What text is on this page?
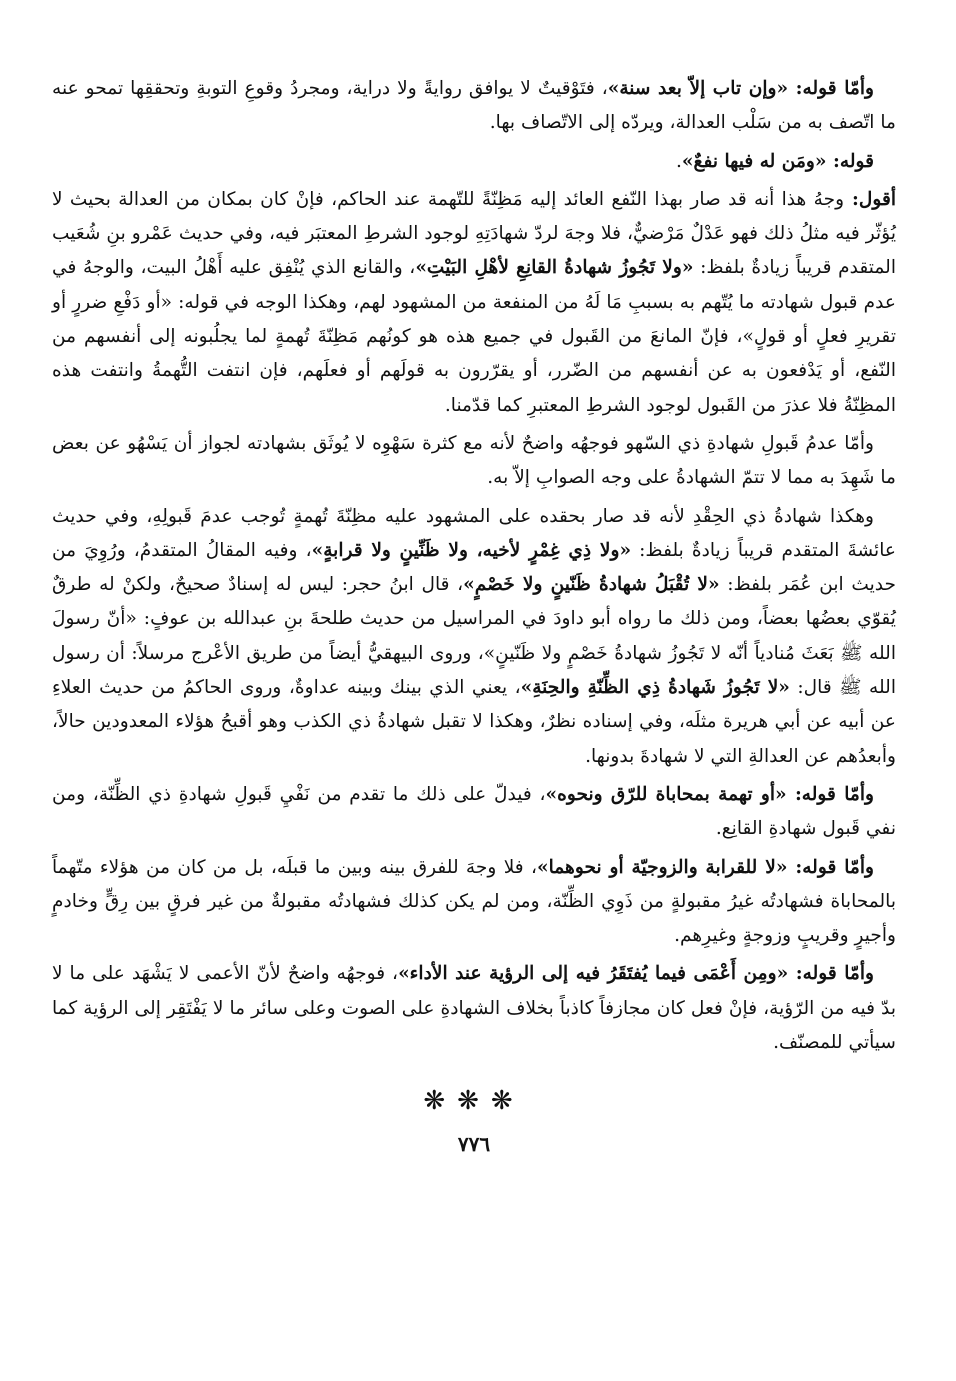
وأمّا قوله: «وإن تاب إلاّ بعد سنة»، فتَوْقيتٌ لا يوافق روايةً ولا دراية، ومجردُ وقوعِ التوبةِ وتحققِها تمحو عنه ما اتّصف به من سَلْب العدالة، ويردّه إلى الاتّصاف بها.

قوله: «ومَن له فيها نفعٌ».

أقول: وجهُ هذا أنه قد صار بهذا النّفع العائد إليه مَظِنّةً للتّهمة عند الحاكم، فإنْ كان بمكان من العدالة بحيث لا يُؤثّر فيه مثلُ ذلك فهو عَدْلٌ مَرْضيٌّ، فلا وجهَ لردّ شهادَتِهِ لوجود الشرطِ المعتبَر فيه، وفي حديث عَمْرو بنِ شُعَيب المتقدم قريباً زيادةٌ بلفظ: «ولا تَجُوزُ شهادةُ القانِعِ لأهْلِ البَيْتِ»، والقانع الذي يُنْفِق عليه أَهْلُ البيت، والوجهُ في عدم قبول شهادته ما يُتّهم به بسببِ مَا لَهُ من المنفعة من المشهود لهم، وهكذا الوجه في قوله: «أو دَفْعِ ضررٍ أو تقريرِ فعلٍ أو قولٍ»، فإنّ المانعَ من القَبول في جميع هذه هو كونُهم مَظِنّةَ تُهمةٍ لما يجلُبونه إلى أنفسهم من النّفع، أو يَدْفعون به عن أنفسهم من الضّرر، أو يقرّرون به قولَهم أو فعلَهم، فإن انتفت التُّهمةُ وانتفت هذه المظِنّةُ فلا عذرَ من القَبول لوجود الشرطِ المعتبرِ كما قدّمنا.

وأمّا عدمُ قَبولِ شهادةِ ذي السّهو فوجهُه واضحٌ لأنه مع كثرة سَهْوِه لا يُوثَق بشهادته لجواز أن يَسْهُو عن بعض ما شَهِدَ به مما لا تتمّ الشهادةُ على وجه الصوابِ إلاّ به.

وهكذا شهادةُ ذي الحِقْدِ لأنه قد صار بحقده على المشهود عليه مظِنّةَ تُهمةٍ تُوجب عدمَ قَبولِهِ، وفي حديث عائشةَ المتقدم قريباً زيادةٌ بلفظ: «ولا ذِي غِمْرٍ لأخيه، ولا ظَنِّينٍ ولا قرابةٍ»، وفيه المقالُ المتقدمُ، ورُوِيَ من حديث ابن عُمَر بلفظ: «لا تُقْبَلُ شهادةُ ظَنّينٍ ولا خَصْمٍ»، قال ابنُ حجر: ليس له إسنادٌ صحيحٌ، ولكنْ له طرقٌ يُقوّي بعضُها بعضاً، ومن ذلك ما رواه أبو داودَ في المراسيل من حديث طلحةَ بنِ عبدالله بن عوفٍ: «أنّ رسولَ الله ﷺ بَعَثَ مُنادياً أنّه لا تَجُوزُ شهادةُ خَصْمٍ ولا ظَنّينٍ»، وروى البيهقيُّ أيضاً من طريق الأعْرج مرسلاً: أن رسول الله ﷺ قال: «لا تَجُوزُ شَهادةُ ذِي الظِّنّةِ والحِنَةِ»، يعني الذي بينك وبينه عداوةٌ، وروى الحاكمُ من حديث العلاءِ عن أبيه عن أبي هريرة مثلَه، وفي إسناده نظرٌ، وهكذا لا تقبل شهادةُ ذي الكذب وهو أقبحُ هؤلاء المعدودين حالاً، وأبعدُهم عن العدالةِ التي لا شهادةَ بدونها.

وأمّا قوله: «أو تهمة بمحاباة للرّق ونحوه»، فيدلّ على ذلك ما تقدم من نَفْيِ قَبولِ شهادةِ ذي الظِّنّة، ومن نفي قَبول شهادةِ القانِع.

وأمّا قوله: «لا للقرابة والزوجيّة أو نحوهما»، فلا وجهَ للفرق بينه وبين ما قبلَه، بل من كان من هؤلاء متّهماً بالمحاباة فشهادتُه غيرُ مقبولةٍ من ذَوِي الظِّنّة، ومن لم يكن كذلك فشهادتُه مقبولةٌ من غير فرقٍ بين رِقٍّ وخادمٍ وأجيرٍ وقريبٍ وزوجةٍ وغيرِهم.

وأمّا قوله: «ومِن أَعْمَى فيما يُفتَقَرُ فيه إلى الرؤية عند الأداء»، فوجهُه واضحٌ لأنّ الأعمى لا يَشْهَد على ما لا بدّ فيه من الرّؤية، فإنْ فعل كان مجازفاً كاذباً بخلاف الشهادةِ على الصوت وعلى سائر ما لا يَفْتَقِر إلى الرؤية كما سيأتي للمصنّف.

❋❋❋
٧٧٦
